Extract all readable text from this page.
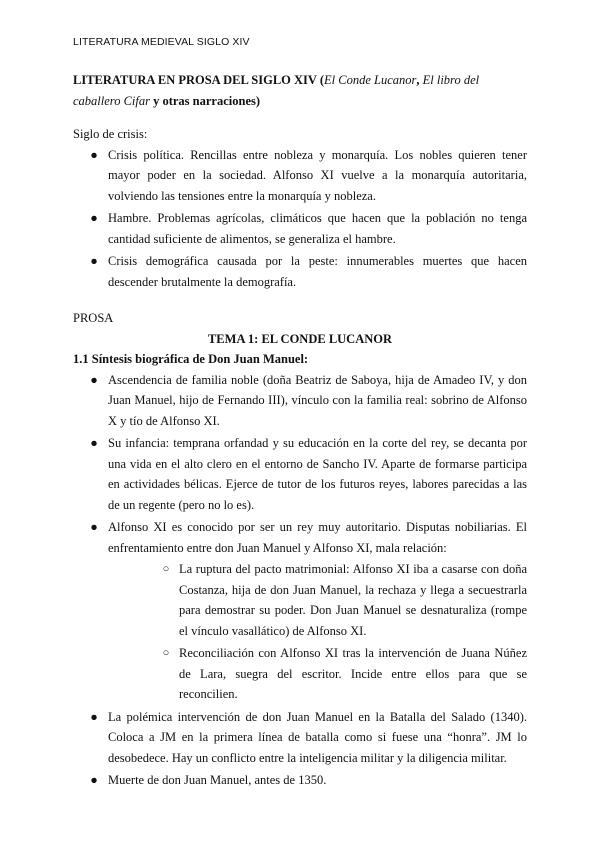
LITERATURA MEDIEVAL SIGLO XIV
LITERATURA EN PROSA DEL SIGLO XIV (El Conde Lucanor, El libro del caballero Cifar y otras narraciones)

Siglo de crisis:

● Crisis política. Rencillas entre nobleza y monarquía. Los nobles quieren tener mayor poder en la sociedad. Alfonso XI vuelve a la monarquía autoritaria, volviendo las tensiones entre la monarquía y nobleza.
● Hambre. Problemas agrícolas, climáticos que hacen que la población no tenga cantidad suficiente de alimentos, se generaliza el hambre.
● Crisis demográfica causada por la peste: innumerables muertes que hacen descender brutalmente la demografía.

PROSA

TEMA 1: EL CONDE LUCANOR

1.1 Síntesis biográfica de Don Juan Manuel:

● Ascendencia de familia noble (doña Beatriz de Saboya, hija de Amadeo IV, y don Juan Manuel, hijo de Fernando III), vínculo con la familia real: sobrino de Alfonso X y tío de Alfonso XI.
● Su infancia: temprana orfandad y su educación en la corte del rey, se decanta por una vida en el alto clero en el entorno de Sancho IV. Aparte de formarse participa en actividades bélicas. Ejerce de tutor de los futuros reyes, labores parecidas a las de un regente (pero no lo es).
● Alfonso XI es conocido por ser un rey muy autoritario. Disputas nobiliarias. El enfrentamiento entre don Juan Manuel y Alfonso XI, mala relación:
○ La ruptura del pacto matrimonial: Alfonso XI iba a casarse con doña Costanza, hija de don Juan Manuel, la rechaza y llega a secuestrarla para demostrar su poder. Don Juan Manuel se desnaturaliza (rompe el vínculo vasallático) de Alfonso XI.
○ Reconciliación con Alfonso XI tras la intervención de Juana Núñez de Lara, suegra del escritor. Incide entre ellos para que se reconcilien.
● La polémica intervención de don Juan Manuel en la Batalla del Salado (1340). Coloca a JM en la primera línea de batalla como si fuese una “honra”. JM lo desobedece. Hay un conflicto entre la inteligencia militar y la diligencia militar.
● Muerte de don Juan Manuel, antes de 1350.
